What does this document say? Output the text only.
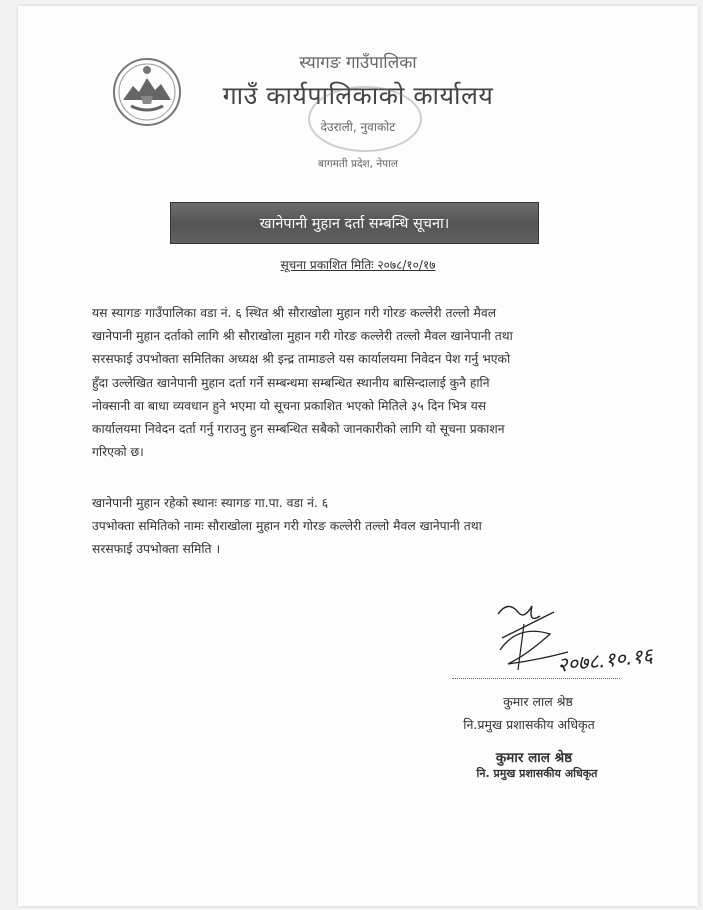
स्यागङ गाउँपालिका
गाउँ कार्यपालिकाको कार्यालय
देउराली, नुवाकोट
बागमती प्रदेश, नेपाल
खानेपानी मुहान दर्ता सम्बन्धि सूचना।
सूचना प्रकाशित मितिः २०७८/१०/१७

यस स्यागङ गाउँपालिका वडा नं. ६ स्थित श्री सौराखोला मुहान गरी गोरङ कल्लेरी तल्लो मैवल

खानेपानी मुहान दर्ताको लागि श्री सौराखोला मुहान गरी गोरङ कल्लेरी तल्लो मैवल खानेपानी तथा

सरसफाई उपभोक्ता समितिका अध्यक्ष श्री इन्द्र तामाङले यस कार्यालयमा निवेदन पेश गर्नु भएको

हुँदा उल्लेखित खानेपानी मुहान दर्ता गर्ने सम्बन्धमा सम्बन्धित स्थानीय बासिन्दालाई कुनै हानि

नोक्सानी वा बाधा व्यवधान हुने भएमा यो सूचना प्रकाशित भएको मितिले ३५ दिन भित्र यस

कार्यालयमा निवेदन दर्ता गर्नु गराउनु हुन सम्बन्धित सबैको जानकारीको लागि यो सूचना प्रकाशन

गरिएको छ।

खानेपानी मुहान रहेको स्थानः स्यागङ गा.पा. वडा नं. ६
उपभोक्ता समितिको नामः सौराखोला मुहान गरी गोरङ कल्लेरी तल्लो मैवल खानेपानी तथा
सरसफाई उपभोक्ता समिति ।
२०७८.१०.१६
कुमार लाल श्रेष्ठ
नि.प्रमुख प्रशासकीय अधिकृत
कुमार लाल श्रेष्ठ
नि. प्रमुख प्रशासकीय अधिकृत
